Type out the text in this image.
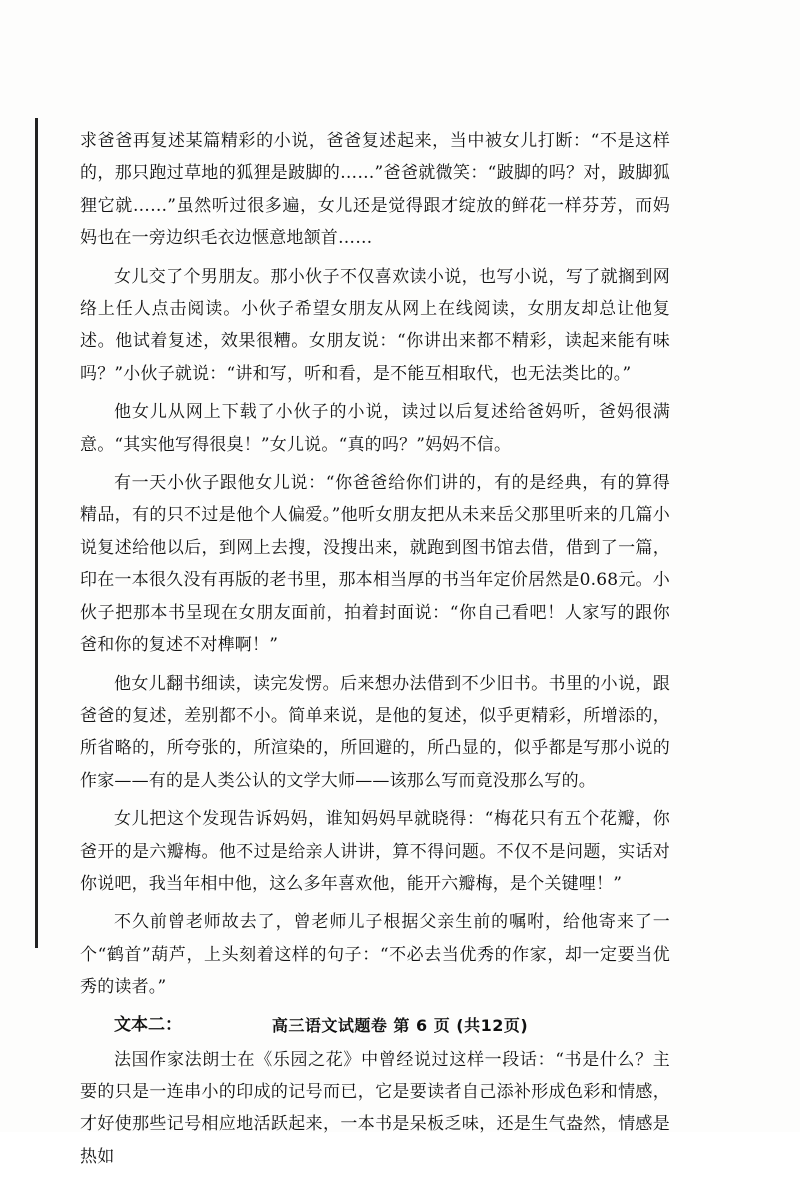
求爸爸再复述某篇精彩的小说，爸爸复述起来，当中被女儿打断：“不是这样的，那只跑过草地的狐狸是跛脚的……”爸爸就微笑：“跛脚的吗？对，跛脚狐狸它就……”虽然听过很多遍，女儿还是觉得跟才绽放的鲜花一样芬芳，而妈妈也在一旁边织毛衣边惬意地颔首……

女儿交了个男朋友。那小伙子不仅喜欢读小说，也写小说，写了就搁到网络上任人点击阅读。小伙子希望女朋友从网上在线阅读，女朋友却总让他复述。他试着复述，效果很糟。女朋友说：“你讲出来都不精彩，读起来能有味吗？”小伙子就说：“讲和写，听和看，是不能互相取代，也无法类比的。”

他女儿从网上下载了小伙子的小说，读过以后复述给爸妈听，爸妈很满意。“其实他写得很臭！”女儿说。“真的吗？”妈妈不信。

有一天小伙子跟他女儿说：“你爸爸给你们讲的，有的是经典，有的算得精品，有的只不过是他个人偏爱。”他听女朋友把从未来岳父那里听来的几篇小说复述给他以后，到网上去搜，没搜出来，就跑到图书馆去借，借到了一篇，印在一本很久没有再版的老书里，那本相当厚的书当年定价居然是0.68元。小伙子把那本书呈现在女朋友面前，拍着封面说：“你自己看吧！人家写的跟你爸和你的复述不对榫啊！”

他女儿翻书细读，读完发愣。后来想办法借到不少旧书。书里的小说，跟爸爸的复述，差别都不小。简单来说，是他的复述，似乎更精彩，所增添的，所省略的，所夸张的，所渲染的，所回避的，所凸显的，似乎都是写那小说的作家——有的是人类公认的文学大师——该那么写而竟没那么写的。

女儿把这个发现告诉妈妈，谁知妈妈早就晓得：“梅花只有五个花瓣，你爸开的是六瓣梅。他不过是给亲人讲讲，算不得问题。不仅不是问题，实话对你说吧，我当年相中他，这么多年喜欢他，能开六瓣梅，是个关键哩！”

不久前曾老师故去了，曾老师儿子根据父亲生前的嘱咐，给他寄来了一个“鹤首”葫芦，上头刻着这样的句子：“不必去当优秀的作家，却一定要当优秀的读者。”

文本二：

法国作家法朗士在《乐园之花》中曾经说过这样一段话：“书是什么？主要的只是一连串小的印成的记号而已，它是要读者自己添补形成色彩和情感，才好使那些记号相应地活跃起来，一本书是呆板乏味，还是生气盎然，情感是热如

高三语文试题卷 第 6 页 (共12页)
